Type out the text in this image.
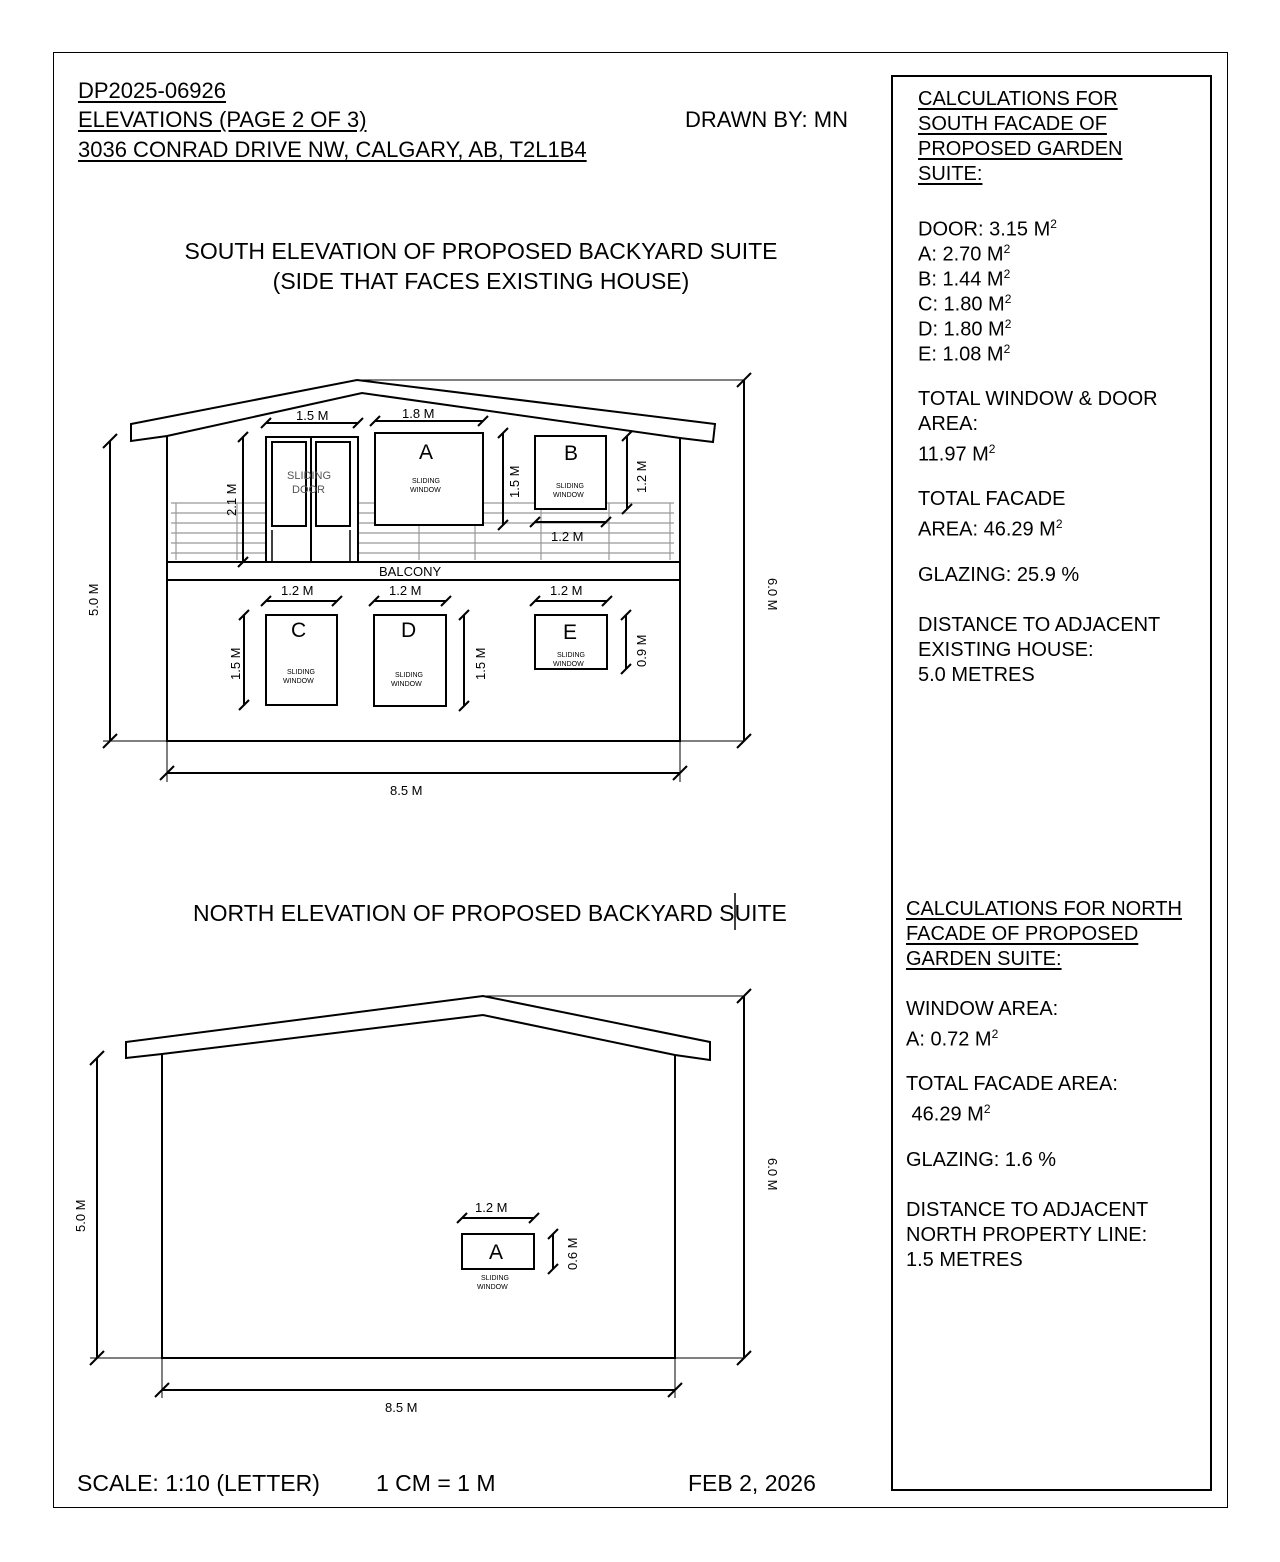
DP2025-06926
ELEVATIONS (PAGE 2 OF 3)
3036 CONRAD DRIVE NW, CALGARY, AB, T2L1B4
DRAWN BY: MN
SOUTH ELEVATION OF PROPOSED BACKYARD SUITE
(SIDE THAT FACES EXISTING HOUSE)
NORTH ELEVATION OF PROPOSED BACKYARD SUITE
1.5 M	1.8 M
2.1 M
1.5 M	1.2 M
1.2 M
1.2 M	1.2 M	1.2 M
1.5 M	1.5 M	0.9 M
5.0 M	6.0 M
8.5 M
BALCONY
SLIDING
DOOR
A
SLIDING
WINDOW
B
SLIDING
WINDOW
C
SLIDING
WINDOW
D
SLIDING
WINDOW
E
SLIDING
WINDOW
1.2 M
0.6 M
A
SLIDING
WINDOW
5.0 M
6.0 M
8.5 M
CALCULATIONS FOR
SOUTH FACADE OF
PROPOSED GARDEN
SUITE:
DOOR: 3.15 $M^2$
A: 2.70 $M^2$
B: 1.44 $M^2$
C: 1.80 $M^2$
D: 1.80 $M^2$
E: 1.08 $M^2$
TOTAL WINDOW & DOOR
AREA:
11.97 $M^2$
TOTAL FACADE
AREA: 46.29 $M^2$
GLAZING: 25.9 %
DISTANCE TO ADJACENT
EXISTING HOUSE:
5.0 METRES
CALCULATIONS FOR NORTH
FACADE OF PROPOSED
GARDEN SUITE:
WINDOW AREA:
A: 0.72 $M^2$
TOTAL FACADE AREA:
46.29 $M^2$
GLAZING: 1.6 %
DISTANCE TO ADJACENT
NORTH PROPERTY LINE:
1.5 METRES
SCALE: 1:10 (LETTER) 1 CM = 1 M	FEB 2, 2026
